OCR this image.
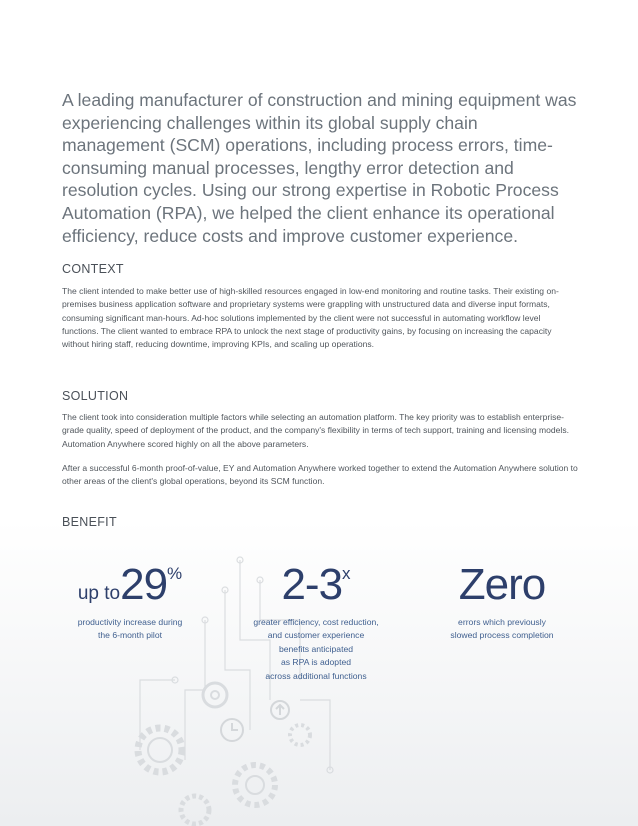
A leading manufacturer of construction and mining equipment was experiencing challenges within its global supply chain management (SCM) operations, including process errors, time-consuming manual processes, lengthy error detection and resolution cycles. Using our strong expertise in Robotic Process Automation (RPA), we helped the client enhance its operational efficiency, reduce costs and improve customer experience.

CONTEXT

The client intended to make better use of high-skilled resources engaged in low-end monitoring and routine tasks. Their existing on-premises business application software and proprietary systems were grappling with unstructured data and diverse input formats, consuming significant man-hours. Ad-hoc solutions implemented by the client were not successful in automating workflow level functions. The client wanted to embrace RPA to unlock the next stage of productivity gains, by focusing on increasing the capacity without hiring staff, reducing downtime, improving KPIs, and scaling up operations.

SOLUTION

The client took into consideration multiple factors while selecting an automation platform. The key priority was to establish enterprise-grade quality, speed of deployment of the product, and the company's flexibility in terms of tech support, training and licensing models. Automation Anywhere scored highly on all the above parameters.

After a successful 6-month proof-of-value, EY and Automation Anywhere worked together to extend the Automation Anywhere solution to other areas of the client's global operations, beyond its SCM function.

BENEFIT
up to29%

productivity increase during
the 6-month pilot

2-3x

greater efficiency, cost reduction,
and customer experience
benefits anticipated
as RPA is adopted
across additional functions

Zero

errors which previously
slowed process completion
